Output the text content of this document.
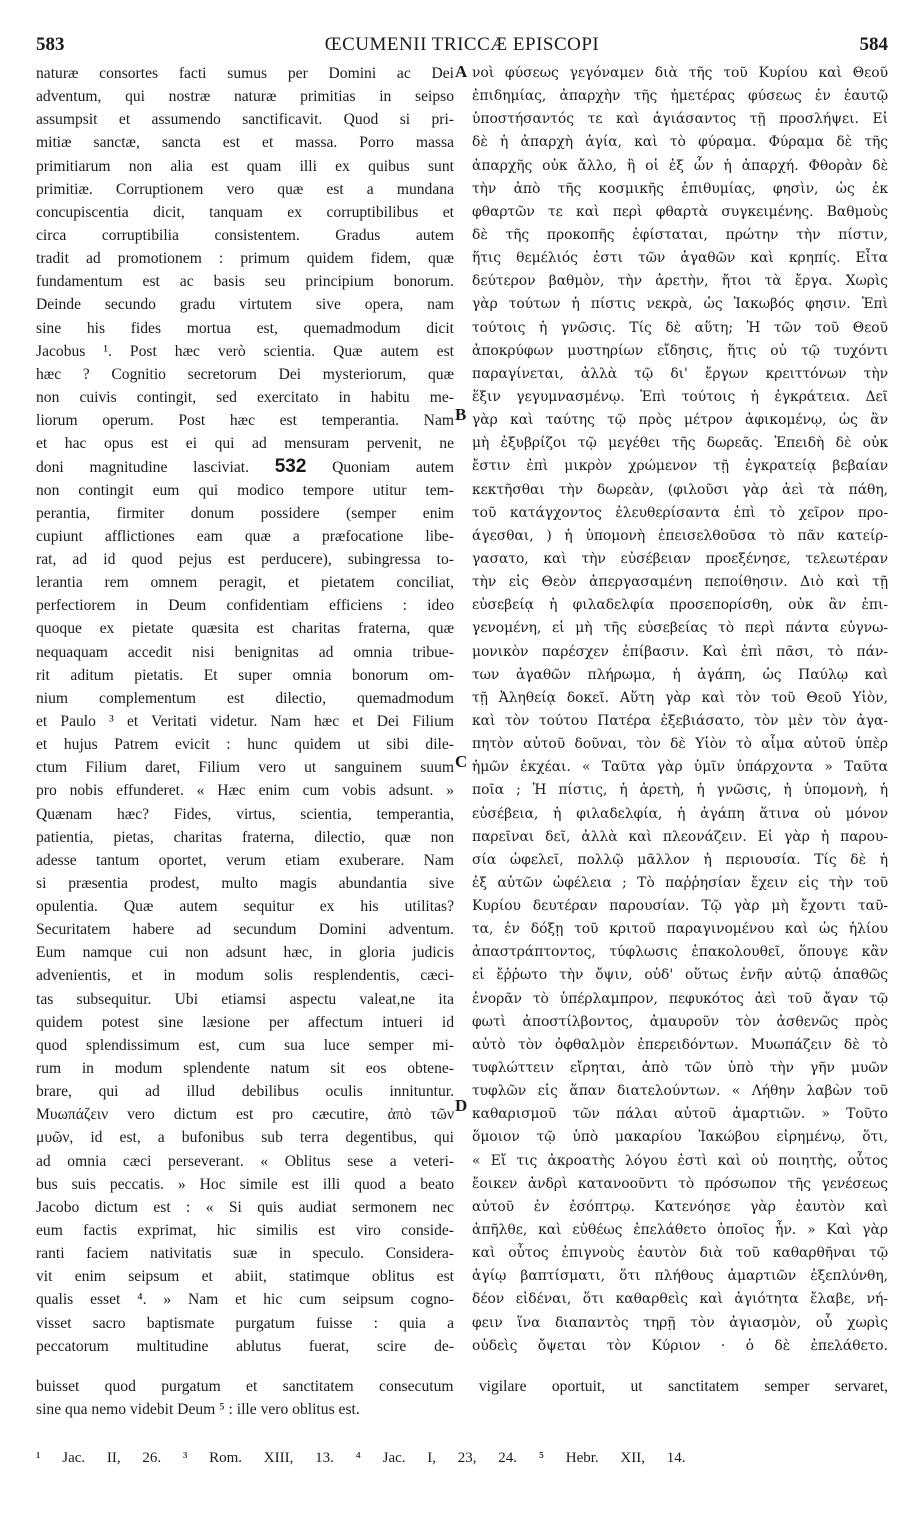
583	ŒCUMENII TRICCÆ EPISCOPI	584
naturæ consortes facti sumus per Domini ac Dei
adventum, qui nostræ naturæ primitias in seipso
assumpsit et assumendo sanctificavit. Quod si pri-
mitiæ sanctæ, sancta est et massa. Porro massa
primitiarum non alia est quam illi ex quibus sunt
primitiæ. Corruptionem vero quæ est a mundana
concupiscentia dicit, tanquam ex corruptibilibus et
circa corruptibilia consistentem. Gradus autem
tradit ad promotionem : primum quidem fidem, quæ
fundamentum est ac basis seu principium bonorum.
Deinde secundo gradu virtutem sive opera, nam
sine his fides mortua est, quemadmodum dicit
Jacobus ¹. Post hæc verò scientia. Quæ autem est
hæc ? Cognitio secretorum Dei mysteriorum, quæ
non cuivis contingit, sed exercitato in habitu me-
liorum operum. Post hæc est temperantia. Nam
et hac opus est ei qui ad mensuram pervenit, ne
doni magnitudine lasciviat. 532 Quoniam autem
non contingit eum qui modico tempore utitur tem-
perantia, firmiter donum possidere (semper enim
cupiunt afflictiones eam quæ a præfocatione libe-
rat, ad id quod pejus est perducere), subingressa to-
lerantia rem omnem peragit, et pietatem conciliat,
perfectiorem in Deum confidentiam efficiens : ideo
quoque ex pietate quæsita est charitas fraterna, quæ
nequaquam accedit nisi benignitas ad omnia tribue-
rit aditum pietatis. Et super omnia bonorum om-
nium complementum est dilectio, quemadmodum
et Paulo ³ et Veritati videtur. Nam hæc et Dei Filium
et hujus Patrem evicit : hunc quidem ut sibi dile-
ctum Filium daret, Filium vero ut sanguinem suum
pro nobis effunderet. « Hæc enim cum vobis adsunt. »
Quænam hæc? Fides, virtus, scientia, temperantia,
patientia, pietas, charitas fraterna, dilectio, quæ non
adesse tantum oportet, verum etiam exuberare. Nam
si præsentia prodest, multo magis abundantia sive
opulentia. Quæ autem sequitur ex his utilitas?
Securitatem habere ad secundum Domini adventum.
Eum namque cui non adsunt hæc, in gloria judicis
advenientis, et in modum solis resplendentis, cæci-
tas subsequitur. Ubi etiamsi aspectu valeat,ne ita
quidem potest sine læsione per affectum intueri id
quod splendissimum est, cum sua luce semper mi-
rum in modum splendente natum sit eos obtene-
brare, qui ad illud debilibus oculis innituntur.
Μυωπάζειν vero dictum est pro cæcutire, ἀπὸ τῶν
μυῶν, id est, a bufonibus sub terra degentibus, qui
ad omnia cæci perseverant. « Oblitus sese a veteri-
bus suis peccatis. » Hoc simile est illi quod a beato
Jacobo dictum est : « Si quis audiat sermonem nec
eum factis exprimat, hic similis est viro conside-
ranti faciem nativitatis suæ in speculo. Considera-
vit enim seipsum et abiit, statimque oblitus est
qualis esset ⁴. » Nam et hic cum seipsum cogno-
visset sacro baptismate purgatum fuisse : quia a
peccatorum multitudine ablutus fuerat, scire de-
νοὶ φύσεως γεγόναμεν διὰ τῆς τοῦ Κυρίου καὶ Θεοῦ
ἐπιδημίας, ἀπαρχὴν τῆς ἡμετέρας φύσεως ἐν ἑαυτῷ
ὑποστήσαντός τε καὶ ἁγιάσαντος τῇ προσλήψει. Εἰ
δὲ ἡ ἀπαρχὴ ἁγία, καὶ τὸ φύραμα. Φύραμα δὲ τῆς
ἀπαρχῆς οὐκ ἄλλο, ἢ οἱ ἐξ ὧν ἡ ἀπαρχή. Φθορὰν δὲ
τὴν ἀπὸ τῆς κοσμικῆς ἐπιθυμίας, φησὶν, ὡς ἐκ
φθαρτῶν τε καὶ περὶ φθαρτὰ συγκειμένης. Βαθμοὺς
δὲ τῆς προκοπῆς ἐφίσταται, πρώτην τὴν πίστιν,
ἥτις θεμέλιός ἐστι τῶν ἀγαθῶν καὶ κρηπίς. Εἶτα
δεύτερον βαθμὸν, τὴν ἀρετὴν, ἤτοι τὰ ἔργα. Χωρὶς
γὰρ τούτων ἡ πίστις νεκρὰ, ὡς Ἰακωβός φησιν. Ἐπὶ
τούτοις ἡ γνῶσις. Τίς δὲ αὕτη; Ἡ τῶν τοῦ Θεοῦ
ἀποκρύφων μυστηρίων εἴδησις, ἥτις οὐ τῷ τυχόντι
παραγίνεται, ἀλλὰ τῷ δι' ἔργων κρειττόνων τὴν
ἕξιν γεγυμνασμένῳ. Ἐπὶ τούτοις ἡ ἐγκράτεια. Δεῖ
γὰρ καὶ ταύτης τῷ πρὸς μέτρον ἀφικομένῳ, ὡς ἂν
μὴ ἐξυβρίζοι τῷ μεγέθει τῆς δωρεᾶς. Ἐπειδὴ δὲ οὐκ
ἔστιν ἐπὶ μικρὸν χρώμενον τῇ ἐγκρατείᾳ βεβαίαν
κεκτῆσθαι τὴν δωρεὰν, (φιλοῦσι γὰρ ἀεὶ τὰ πάθη,
τοῦ κατάγχοντος ἐλευθερίσαντα ἐπὶ τὸ χεῖρον προ-
άγεσθαι, ) ἡ ὑπομονὴ ἐπεισελθοῦσα τὸ πᾶν κατείρ-
γασατο, καὶ τὴν εὐσέβειαν προεξένησε, τελεωτέραν
τὴν εἰς Θεὸν ἀπεργασαμένη πεποίθησιν. Διὸ καὶ τῇ
εὐσεβείᾳ ἡ φιλαδελφία προσεπορίσθη, οὐκ ἂν ἐπι-
γενομένη, εἰ μὴ τῆς εὐσεβείας τὸ περὶ πάντα εὐγνω-
μονικὸν παρέσχεν ἐπίβασιν. Καὶ ἐπὶ πᾶσι, τὸ πάν-
των ἀγαθῶν πλήρωμα, ἡ ἀγάπη, ὡς Παύλῳ καὶ
τῇ Ἀληθείᾳ δοκεῖ. Αὕτη γὰρ καὶ τὸν τοῦ Θεοῦ Υἱὸν,
καὶ τὸν τούτου Πατέρα ἐξεβιάσατο, τὸν μὲν τὸν ἀγα-
πητὸν αὐτοῦ δοῦναι, τὸν δὲ Υἱὸν τὸ αἷμα αὐτοῦ ὑπὲρ
ἡμῶν ἐκχέαι. « Ταῦτα γὰρ ὑμῖν ὑπάρχοντα » Ταῦτα
ποῖα ; Ἡ πίστις, ἡ ἀρετὴ, ἡ γνῶσις, ἡ ὑπομονὴ, ἡ
εὐσέβεια, ἡ φιλαδελφία, ἡ ἀγάπη ἅτινα οὐ μόνον
παρεῖναι δεῖ, ἀλλὰ καὶ πλεονάζειν. Εἰ γὰρ ἡ παρου-
σία ὠφελεῖ, πολλῷ μᾶλλον ἡ περιουσία. Τίς δὲ ἡ
ἐξ αὐτῶν ὠφέλεια ; Τὸ παῤῥησίαν ἔχειν εἰς τὴν τοῦ
Κυρίου δευτέραν παρουσίαν. Τῷ γὰρ μὴ ἔχοντι ταῦ-
τα, ἐν δόξῃ τοῦ κριτοῦ παραγινομένου καὶ ὡς ἡλίου
ἀπαστράπτοντος, τύφλωσις ἐπακολουθεῖ, ὅπουγε κἂν
εἰ ἔῤῥωτο τὴν ὄψιν, οὐδ' οὕτως ἐνῆν αὐτῷ ἀπαθῶς
ἐνορᾶν τὸ ὑπέρλαμπρον, πεφυκότος ἀεὶ τοῦ ἄγαν τῷ
φωτὶ ἀποστίλβοντος, ἀμαυροῦν τὸν ἀσθενῶς πρὸς
αὐτὸ τὸν ὀφθαλμὸν ἐπερειδόντων. Μυωπάζειν δὲ τὸ
τυφλώττειν εἴρηται, ἀπὸ τῶν ὑπὸ τὴν γῆν μυῶν
τυφλῶν εἰς ἅπαν διατελούντων. « Λήθην λαβὼν τοῦ
καθαρισμοῦ τῶν πάλαι αὐτοῦ ἁμαρτιῶν. » Τοῦτο
ὅμοιον τῷ ὑπὸ μακαρίου Ἰακώβου εἰρημένῳ, ὅτι,
« Εἴ τις ἀκροατὴς λόγου ἐστὶ καὶ οὐ ποιητὴς, οὗτος
ἔοικεν ἀνδρὶ κατανοοῦντι τὸ πρόσωπον τῆς γενέσεως
αὐτοῦ ἐν ἐσόπτρῳ. Κατενόησε γὰρ ἑαυτὸν καὶ
ἀπῆλθε, καὶ εὐθέως ἐπελάθετο ὁποῖος ἦν. » Καὶ γὰρ
καὶ οὗτος ἐπιγνοὺς ἑαυτὸν διὰ τοῦ καθαρθῆναι τῷ
ἁγίῳ βαπτίσματι, ὅτι πλήθους ἁμαρτιῶν ἐξεπλύνθη,
δέον εἰδέναι, ὅτι καθαρθεὶς καὶ ἁγιότητα ἔλαβε, νή-
φειν ἵνα διαπαντὸς τηρῇ τὸν ἁγιασμὸν, οὗ χωρὶς
οὐδεὶς ὄψεται τὸν Κύριον · ὁ δὲ ἐπελάθετο.
A
B
C
D
buisset quod purgatum et sanctitatem consecutum vigilare oportuit, ut sanctitatem semper servaret,
sine qua nemo videbit Deum ⁵ : ille vero oblitus est.
¹ Jac. II, 26. ³ Rom. XIII, 13. ⁴ Jac. I, 23, 24. ⁵ Hebr. XII, 14.
